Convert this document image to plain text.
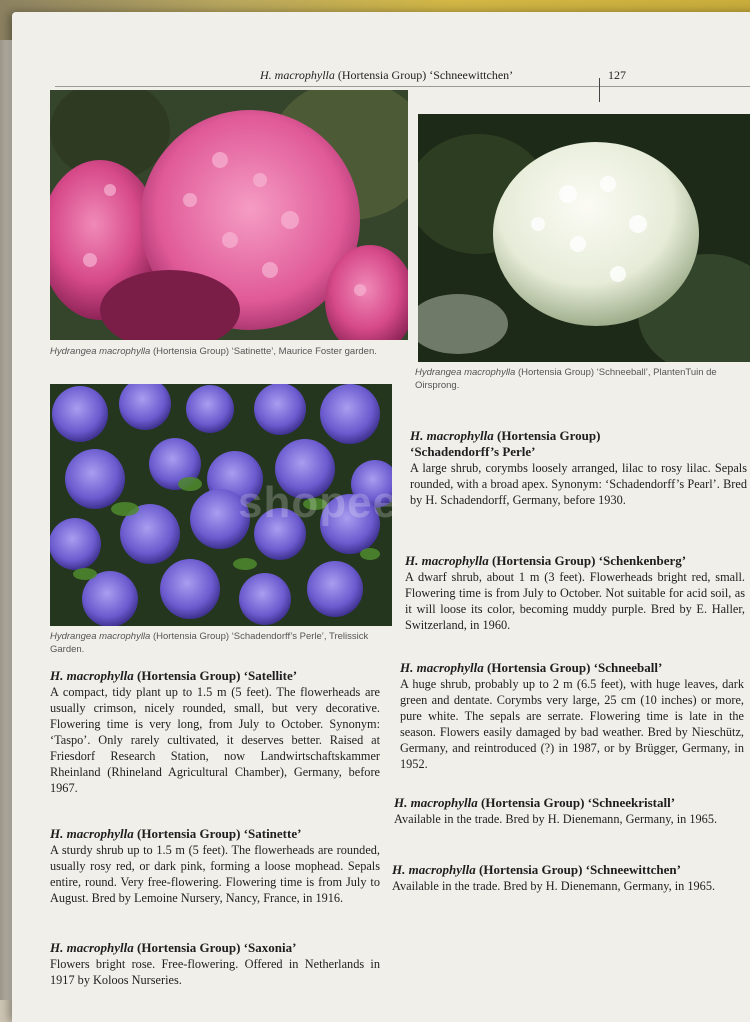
H. macrophylla (Hortensia Group) ‘Schneewittchen’	127
Hydrangea macrophylla (Hortensia Group) ‘Satinette’, Maurice Foster garden.
Hydrangea macrophylla (Hortensia Group) ‘Schneeball’, PlantenTuin de Oirsprong.
shopee
Hydrangea macrophylla (Hortensia Group) ‘Schadendorff’s Perle’, Trelissick Garden.
H. macrophylla (Hortensia Group) ‘Satellite’

A compact, tidy plant up to 1.5 m (5 feet). The flowerheads are usually crimson, nicely rounded, small, but very decorative. Flowering time is very long, from July to October. Synonym: ‘Taspo’. Only rarely cultivated, it deserves better. Raised at Friesdorf Research Station, now Landwirtschaftskammer Rheinland (Rhineland Agricultural Chamber), Germany, before 1967.

H. macrophylla (Hortensia Group) ‘Satinette’

A sturdy shrub up to 1.5 m (5 feet). The flowerheads are rounded, usually rosy red, or dark pink, forming a loose mophead. Sepals entire, round. Very free-flowering. Flowering time is from July to August. Bred by Lemoine Nursery, Nancy, France, in 1916.

H. macrophylla (Hortensia Group) ‘Saxonia’

Flowers bright rose. Free-flowering. Offered in Netherlands in 1917 by Koloos Nurseries.

H. macrophylla (Hortensia Group)
‘Schadendorff’s Perle’

A large shrub, corymbs loosely arranged, lilac to rosy lilac. Sepals rounded, with a broad apex. Synonym: ‘Schadendorff’s Pearl’. Bred by H. Schadendorff, Germany, before 1930.

H. macrophylla (Hortensia Group) ‘Schenkenberg’

A dwarf shrub, about 1 m (3 feet). Flowerheads bright red, small. Flowering time is from July to October. Not suitable for acid soil, as it will loose its color, becoming muddy purple. Bred by E. Haller, Switzerland, in 1960.

H. macrophylla (Hortensia Group) ‘Schneeball’

A huge shrub, probably up to 2 m (6.5 feet), with huge leaves, dark green and dentate. Corymbs very large, 25 cm (10 inches) or more, pure white. The sepals are serrate. Flowering time is late in the season. Flowers easily damaged by bad weather. Bred by Nieschütz, Germany, and reintroduced (?) in 1987, or by Brügger, Germany, in 1952.

H. macrophylla (Hortensia Group) ‘Schneekristall’

Available in the trade. Bred by H. Dienemann, Germany, in 1965.

H. macrophylla (Hortensia Group) ‘Schneewittchen’

Available in the trade. Bred by H. Dienemann, Germany, in 1965.
